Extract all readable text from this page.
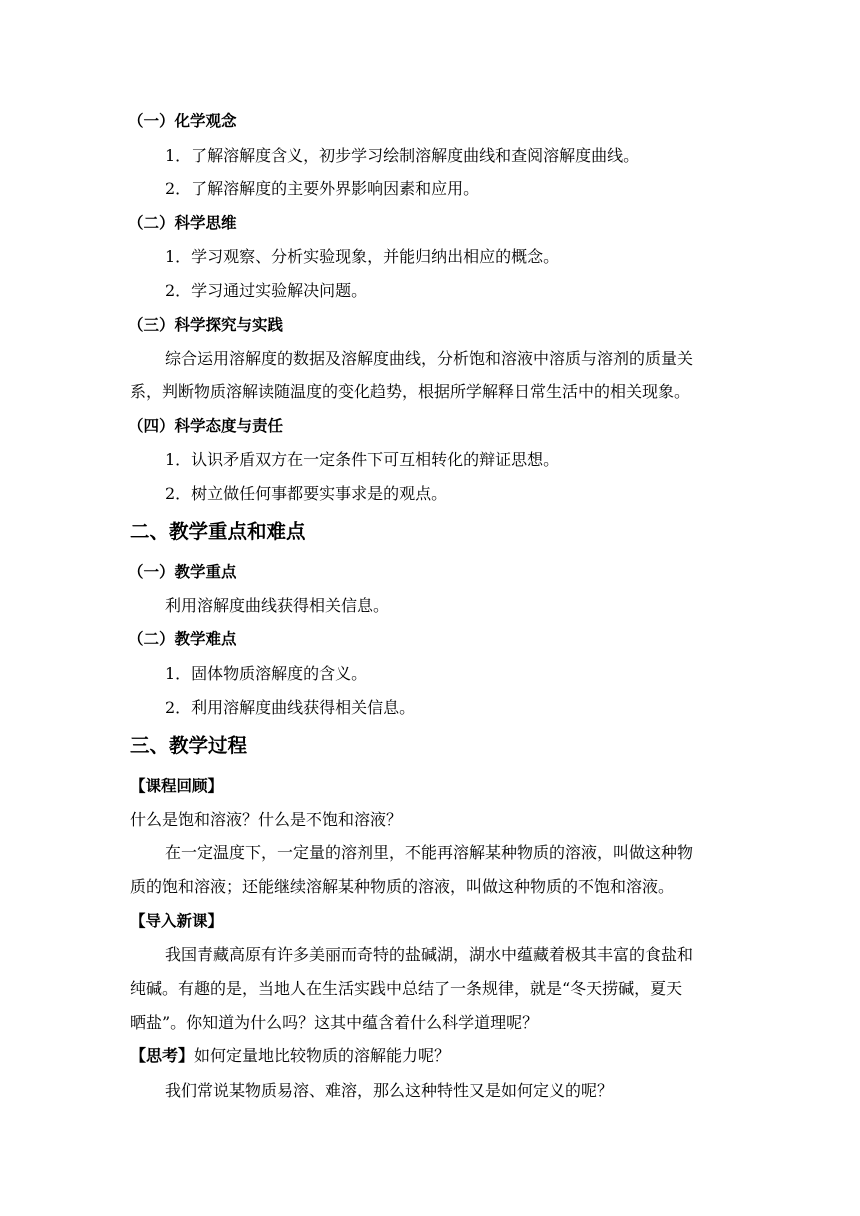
（一）化学观念

1．了解溶解度含义，初步学习绘制溶解度曲线和查阅溶解度曲线。

2．了解溶解度的主要外界影响因素和应用。

（二）科学思维

1．学习观察、分析实验现象，并能归纳出相应的概念。

2．学习通过实验解决问题。

（三）科学探究与实践

综合运用溶解度的数据及溶解度曲线，分析饱和溶液中溶质与溶剂的质量关

系，判断物质溶解读随温度的变化趋势，根据所学解释日常生活中的相关现象。

（四）科学态度与责任

1．认识矛盾双方在一定条件下可互相转化的辩证思想。

2．树立做任何事都要实事求是的观点。

二、教学重点和难点

（一）教学重点

利用溶解度曲线获得相关信息。

（二）教学难点

1．固体物质溶解度的含义。

2．利用溶解度曲线获得相关信息。

三、教学过程

【课程回顾】

什么是饱和溶液？什么是不饱和溶液？

在一定温度下，一定量的溶剂里，不能再溶解某种物质的溶液，叫做这种物

质的饱和溶液；还能继续溶解某种物质的溶液，叫做这种物质的不饱和溶液。

【导入新课】

我国青藏高原有许多美丽而奇特的盐碱湖，湖水中蕴藏着极其丰富的食盐和

纯碱。有趣的是，当地人在生活实践中总结了一条规律，就是“冬天捞碱，夏天

晒盐”。你知道为什么吗？这其中蕴含着什么科学道理呢？

【思考】如何定量地比较物质的溶解能力呢？

我们常说某物质易溶、难溶，那么这种特性又是如何定义的呢？
